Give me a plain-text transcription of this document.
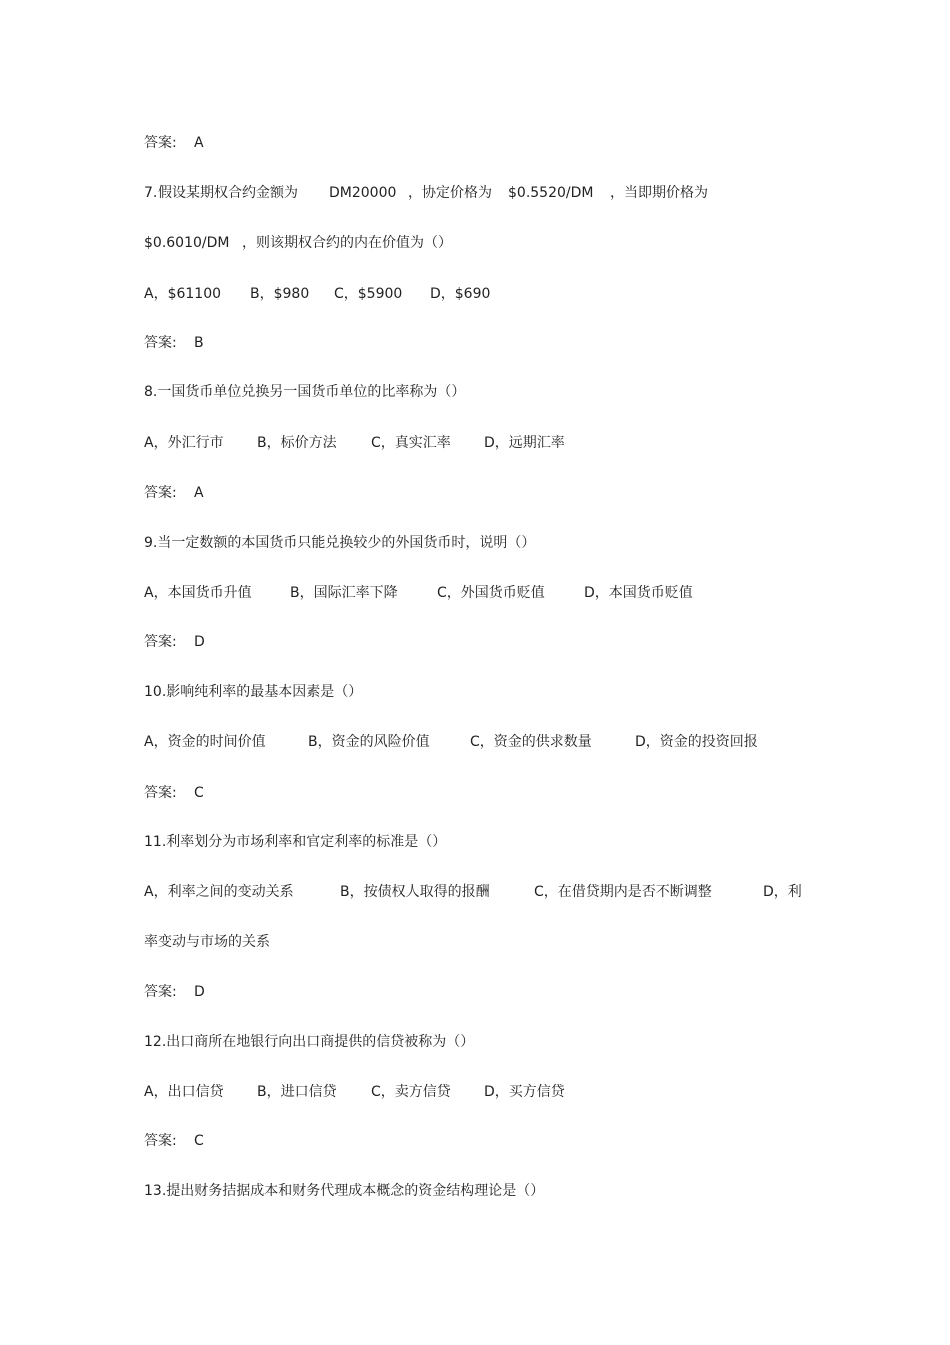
答案: A
7. 假设某期权合约金额为 DM20000 ，协定价格为 $0.5520/DM ，当即期价格为
$0.6010/DM ，则该期权合约的内在价值为（）
A，$61100 B，$980 C，$5900 D，$690
答案: B
8.一国货币单位兑换另一国货币单位的比率称为（）
A，外汇行市 B，标价方法 C，真实汇率 D，远期汇率
答案: A
9.当一定数额的本国货币只能兑换较少的外国货币时，说明（）
A，本国货币升值	B，国际汇率下降	C，外国货币贬值	D，本国货币贬值
答案: D
10.影响纯利率的最基本因素是（）
A，资金的时间价值	B，资金的风险价值	C，资金的供求数量	D，资金的投资回报
答案: C
11.利率划分为市场利率和官定利率的标准是（）
A，利率之间的变动关系	B，按债权人取得的报酬	C，在借贷期内是否不断调整	D，利
率变动与市场的关系
答案: D
12.出口商所在地银行向出口商提供的信贷被称为（）
A，出口信贷 B，进口信贷 C，卖方信贷 D，买方信贷
答案: C
13.提出财务拮据成本和财务代理成本概念的资金结构理论是（）
